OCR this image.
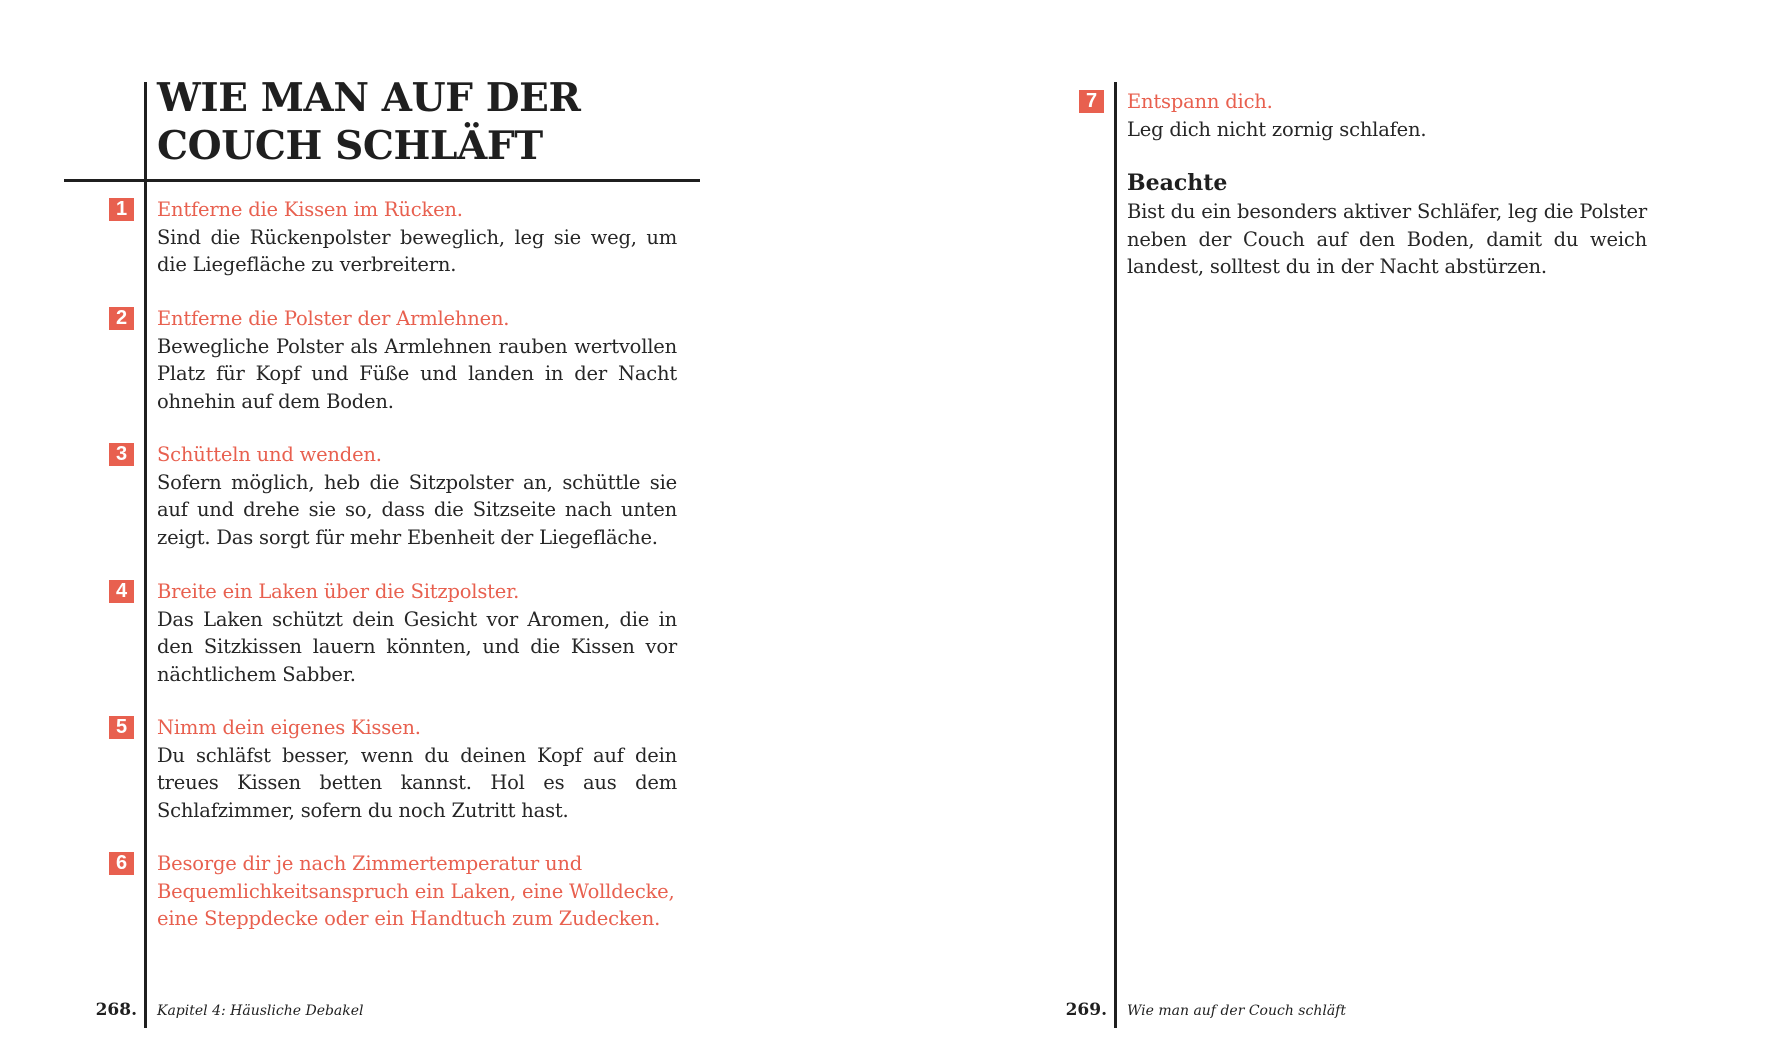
WIE MAN AUF DER
COUCH SCHLÄFT
1	Entferne die Kissen im Rücken.
Sind die Rückenpolster beweglich, leg sie weg, um die Liegefläche zu verbreitern.
2	Entferne die Polster der Armlehnen.
Bewegliche Polster als Armlehnen rauben wertvollen Platz für Kopf und Füße und landen in der Nacht ohnehin auf dem Boden.
3	Schütteln und wenden.
Sofern möglich, heb die Sitzpolster an, schüttle sie auf und drehe sie so, dass die Sitzseite nach unten zeigt. Das sorgt für mehr Ebenheit der Liegefläche.
4	Breite ein Laken über die Sitzpolster.
Das Laken schützt dein Gesicht vor Aromen, die in den Sitzkissen lauern könnten, und die Kissen vor nächtlichem Sabber.
5	Nimm dein eigenes Kissen.
Du schläfst besser, wenn du deinen Kopf auf dein treues Kissen betten kannst. Hol es aus dem Schlafzimmer, sofern du noch Zutritt hast.
6	Besorge dir je nach Zimmertemperatur und Bequemlichkeitsanspruch ein Laken, eine Wolldecke, eine Steppdecke oder ein Handtuch zum Zudecken.
268. Kapitel 4: Häusliche Debakel
7	Entspann dich.
Leg dich nicht zornig schlafen.
Beachte
Bist du ein besonders aktiver Schläfer, leg die Polster neben der Couch auf den Boden, damit du weich landest, solltest du in der Nacht abstürzen.
269. Wie man auf der Couch schläft
